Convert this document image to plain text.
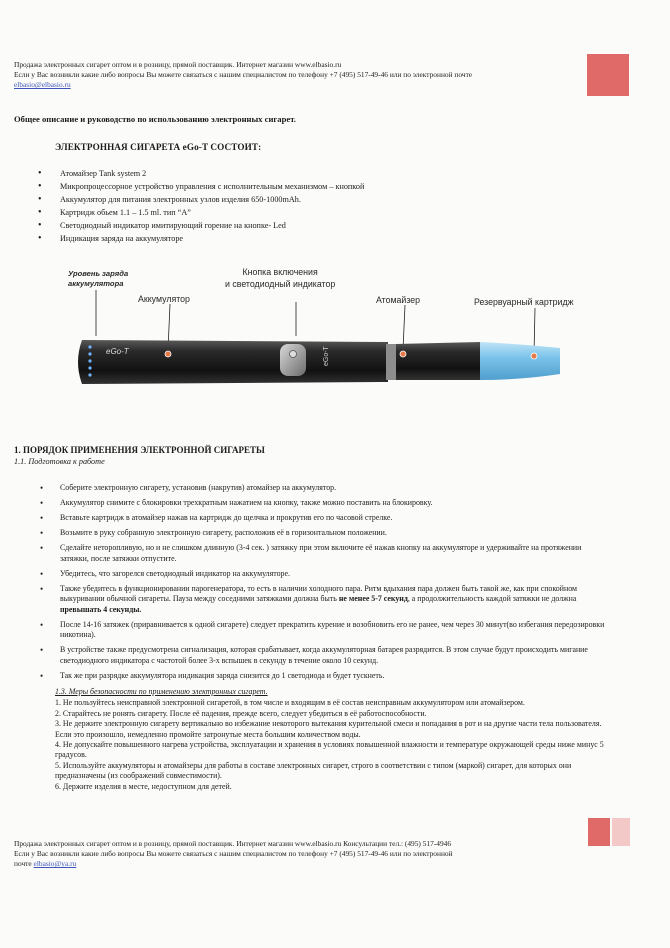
Продажа электронных сигарет оптом и в розницу, прямой поставщик. Интернет магазин www.elbasio.ru
Если у Вас возникли какие либо вопросы Вы можете связаться с нашим специалистом по телефону +7 (495) 517-49-46 или по электронной почте
elbasio@elbasio.ru
Общее описание и руководство по использованию электронных сигарет.
ЭЛЕКТРОННАЯ СИГАРЕТА eGo-T СОСТОИТ:
• Атомайзер Tank system 2
• Микропроцессорное устройство управления с исполнительным механизмом – кнопкой
• Аккумулятор для питания электронных узлов изделия 650-1000mAh.
• Картридж обьем 1.1 – 1.5 ml. тип “A”
• Светодиодный индикатор имитирующий горение на кнопке- Led
• Индикация заряда на аккумуляторе
Уровень заряда
аккумулятора
Аккумулятор
Кнопка включения
и светодиодный индикатор
Атомайзер	Резервуарный картридж
eGo-T	eGo-T
1. ПОРЯДОК ПРИМЕНЕНИЯ ЭЛЕКТРОННОЙ СИГАРЕТЫ
1.1. Подготовка к работе
• Соберите электронную сигарету, установив (накрутив) атомайзер на аккумулятор.
• Аккумулятор снимите с блокировки трехкратным нажатием на кнопку, также можно поставить на блокировку.
• Вставьте картридж в атомайзер нажав на картридж до щелчка и прокрутив его по часовой стрелке.
• Возьмите в руку собранную электронную сигарету, расположив её в горизонтальном положении.
• Сделайте неторопливую, но и не слишком длинную (3-4 сек. ) затяжку при этом включите её нажав кнопку на аккумуляторе и удерживайте на протяжении затяжки, после затяжки отпустите.
• Убедитесь, что загорелся светодиодный индикатор на аккумуляторе.
• Также убедитесь в функционировании парогенератора, то есть в наличии холодного пара. Ритм вдыхания пара должен быть такой же, как при спокойном выкуривании обычной сигареты. Пауза между соседними затяжками должна быть не менее 5-7 секунд, а продолжительность каждой затяжки не должна превышать 4 секунды.
• После 14-16 затяжек (приравнивается к одной сигарете) следует прекратить курение и возобновить его не ранее, чем через 30 минут(во избегания передозировки никотина).
• В устройстве также предусмотрена сигнализация, которая срабатывает, когда аккумуляторная батарея разрядится. В этом случае будут происходить мигание светодиодного индикатора с частотой более 3-х вспышек в секунду в течение около 10 секунд.
• Так же при разрядке аккумулятора индикация заряда снизится до 1 светодиода и будет тускнеть.
1.3. Меры безопасности по применению электронных сигарет.
1. Не пользуйтесь неисправной электронной сигаретой, в том числе и входящим в её состав неисправным аккумулятором или атомайзером.
2. Старайтесь не ронять сигарету. После её падения, прежде всего, следует убедиться в её работоспособности.
3. Не держите электронную сигарету вертикально во избежание некоторого вытекания курительной смеси и попадания в рот и на другие части тела пользователя. Если это произошло, немедленно промойте затронутые места большим количеством воды.
4. Не допускайте повышенного нагрева устройства, эксплуатации и хранения в условиях повышенной влажности и температуре окружающей среды ниже минус 5 градусов.
5. Используйте аккумуляторы и атомайзеры для работы в составе электронных сигарет, строго в соответствии с типом (маркой) сигарет, для которых они предназначены (из соображений совместимости).
6. Держите изделия в месте, недоступном для детей.
Продажа электронных сигарет оптом и в розницу, прямой поставщик. Интернет магазин www.elbasio.ru Консультации тел.: (495) 517-4946
Если у Вас возникли какие либо вопросы Вы можете связаться с нашим специалистом по телефону +7 (495) 517-49-46 или по электронной
почте elbasio@ya.ru
